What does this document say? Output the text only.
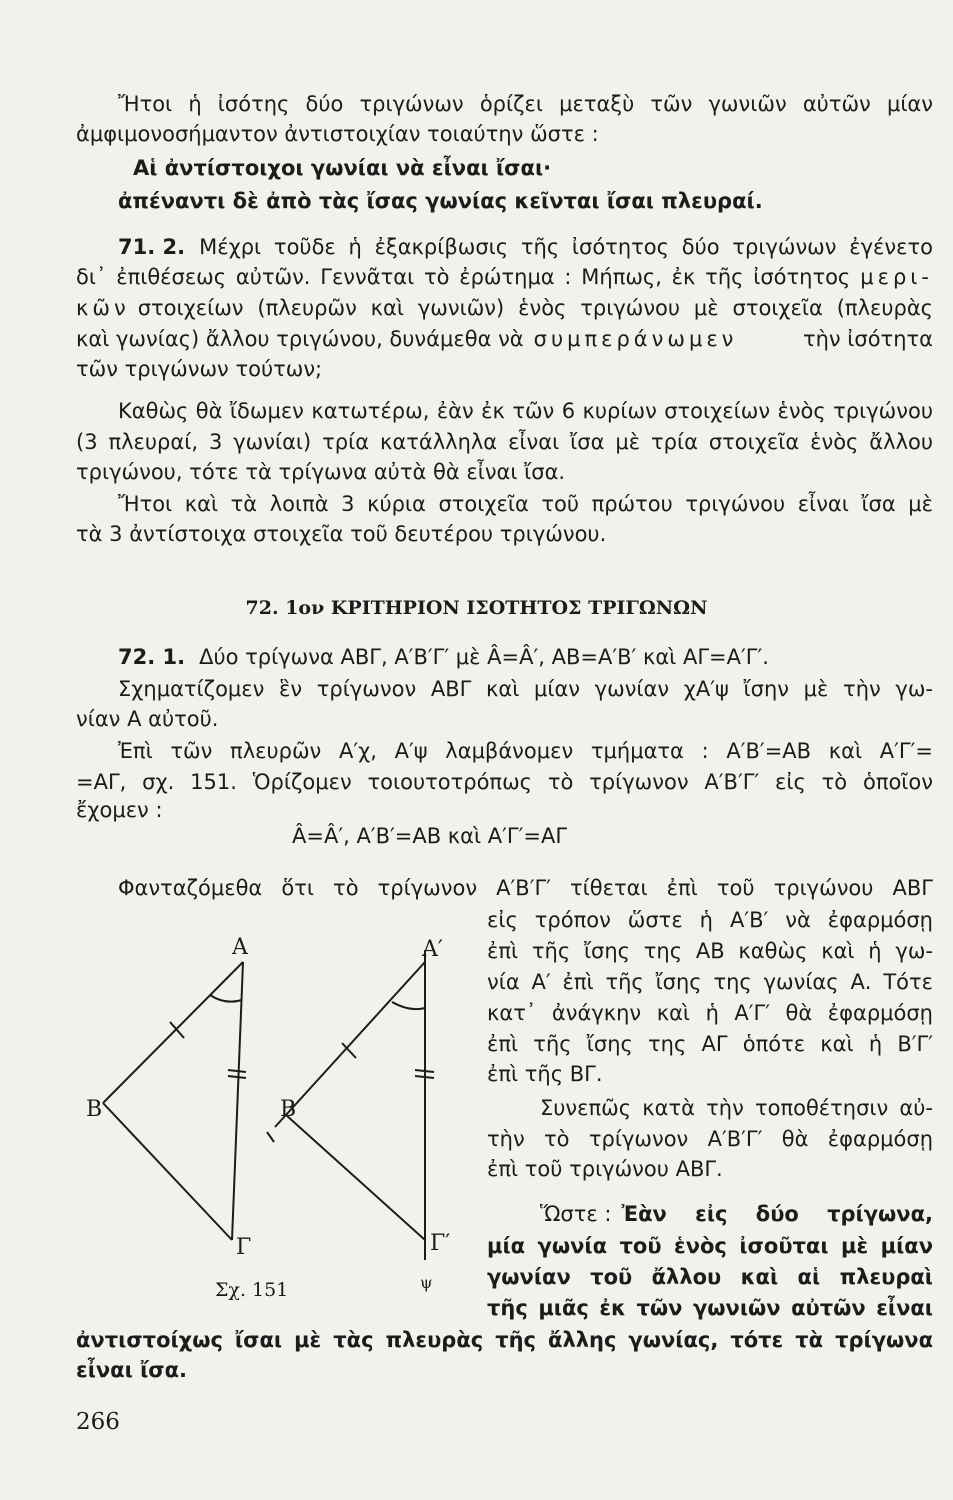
Ἤτοι ἡ ἰσότης δύο τριγώνων ὁρίζει μεταξὺ τῶν γωνιῶν αὐτῶν μίαν
ἀμφιμονοσήμαντον ἀντιστοιχίαν τοιαύτην ὥστε :
Αἱ ἀντίστοιχοι γωνίαι νὰ εἶναι ἴσαι·
ἀπέναντι δὲ ἀπὸ τὰς ἴσας γωνίας κεῖνται ἴσαι πλευραί.
71. 2. Μέχρι τοῦδε ἡ ἐξακρίβωσις τῆς ἰσότητος δύο τριγώνων ἐγένετο
δι᾽ ἐπιθέσεως αὐτῶν. Γεννᾶται τὸ ἐρώτημα : Μήπως, ἐκ τῆς ἰσότητος μερι-
κῶν στοιχείων (πλευρῶν καὶ γωνιῶν) ἑνὸς τριγώνου μὲ στοιχεῖα (πλευρὰς
καὶ γωνίας) ἄλλου τριγώνου, δυνάμεθα νὰ συμπεράνωμεν	τὴν ἰσότητα
τῶν τριγώνων τούτων;
Καθὼς θὰ ἴδωμεν κατωτέρω, ἐὰν ἐκ τῶν 6 κυρίων στοιχείων ἑνὸς τριγώνου
(3 πλευραί, 3 γωνίαι) τρία κατάλληλα εἶναι ἴσα μὲ τρία στοιχεῖα ἑνὸς ἄλλου
τριγώνου, τότε τὰ τρίγωνα αὐτὰ θὰ εἶναι ἴσα.
Ἤτοι καὶ τὰ λοιπὰ 3 κύρια στοιχεῖα τοῦ πρώτου τριγώνου εἶναι ἴσα μὲ
τὰ 3 ἀντίστοιχα στοιχεῖα τοῦ δευτέρου τριγώνου.
72. 1ον ΚΡΙΤΗΡΙΟΝ ΙΣΟΤΗΤΟΣ ΤΡΙΓΩΝΩΝ
72. 1. Δύο τρίγωνα ΑΒΓ, Α′Β′Γ′ μὲ Â=Â′, ΑΒ=Α′Β′ καὶ ΑΓ=Α′Γ′.
Σχηματίζομεν ἓν τρίγωνον ΑΒΓ καὶ μίαν γωνίαν χΑ′ψ ἴσην μὲ τὴν γω-
νίαν Α αὐτοῦ.
Ἐπὶ τῶν πλευρῶν Α′χ, Α′ψ λαμβάνομεν τμήματα : Α′Β′=ΑΒ καὶ Α′Γ′=
=ΑΓ, σχ. 151. Ὁρίζομεν τοιουτοτρόπως τὸ τρίγωνον Α′Β′Γ′ εἰς τὸ ὁποῖον
ἔχομεν :
Â=Â′, Α′Β′=ΑΒ καὶ Α′Γ′=ΑΓ
Φανταζόμεθα ὅτι τὸ τρίγωνον Α′Β′Γ′ τίθεται ἐπὶ τοῦ τριγώνου ΑΒΓ
εἰς τρόπον ὥστε ἡ Α′Β′ νὰ ἐφαρμόσῃ
ἐπὶ τῆς ἴσης της ΑΒ καθὼς καὶ ἡ γω-
νία Α′ ἐπὶ τῆς ἴσης της γωνίας Α. Τότε
κατ᾽ ἀνάγκην καὶ ἡ Α′Γ′ θὰ ἐφαρμόσῃ
ἐπὶ τῆς ἴσης της ΑΓ ὁπότε καὶ ἡ Β′Γ′
ἐπὶ τῆς ΒΓ.
Συνεπῶς κατὰ τὴν τοποθέτησιν αὐ-
τὴν τὸ τρίγωνον Α′Β′Γ′ θὰ ἐφαρμόσῃ
ἐπὶ τοῦ τριγώνου ΑΒΓ.
Ὥστε : Ἐὰν εἰς δύο τρίγωνα,
μία γωνία τοῦ ἑνὸς ἰσοῦται μὲ μίαν
γωνίαν τοῦ ἄλλου καὶ αἱ πλευραὶ
τῆς μιᾶς ἐκ τῶν γωνιῶν αὐτῶν εἶναι
ἀντιστοίχως ἴσαι μὲ τὰς πλευρὰς τῆς ἄλλης γωνίας, τότε τὰ τρίγωνα
εἶναι ἴσα.
266
Α
Β
Γ
Α′
Β′
Γ′
ψ
Σχ. 151
